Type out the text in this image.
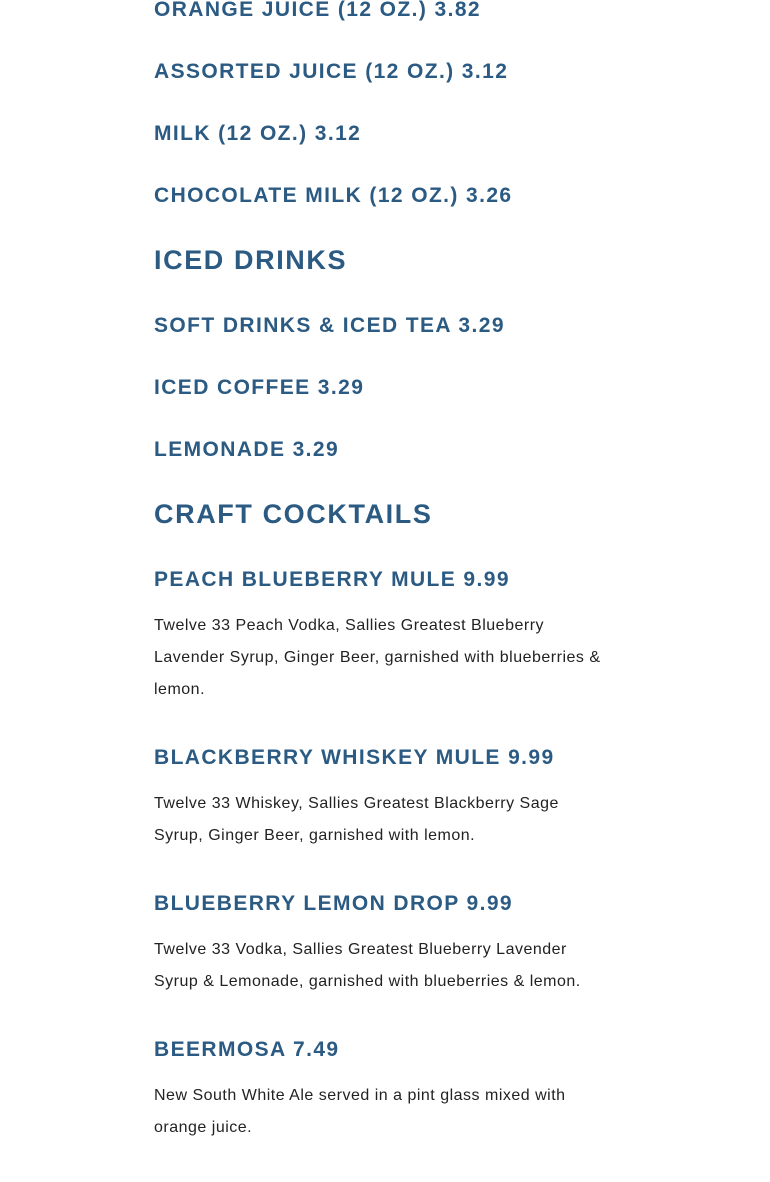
ORANGE JUICE (12 OZ.) 3.82
ASSORTED JUICE (12 OZ.) 3.12
MILK (12 OZ.) 3.12
CHOCOLATE MILK (12 OZ.) 3.26
ICED DRINKS
SOFT DRINKS & ICED TEA 3.29
ICED COFFEE 3.29
LEMONADE 3.29
CRAFT COCKTAILS
PEACH BLUEBERRY MULE 9.99

Twelve 33 Peach Vodka, Sallies Greatest Blueberry Lavender Syrup, Ginger Beer, garnished with blueberries & lemon.

BLACKBERRY WHISKEY MULE 9.99

Twelve 33 Whiskey, Sallies Greatest Blackberry Sage Syrup, Ginger Beer, garnished with lemon.

BLUEBERRY LEMON DROP 9.99

Twelve 33 Vodka, Sallies Greatest Blueberry Lavender Syrup & Lemonade, garnished with blueberries & lemon.

BEERMOSA 7.49

New South White Ale served in a pint glass mixed with orange juice.
